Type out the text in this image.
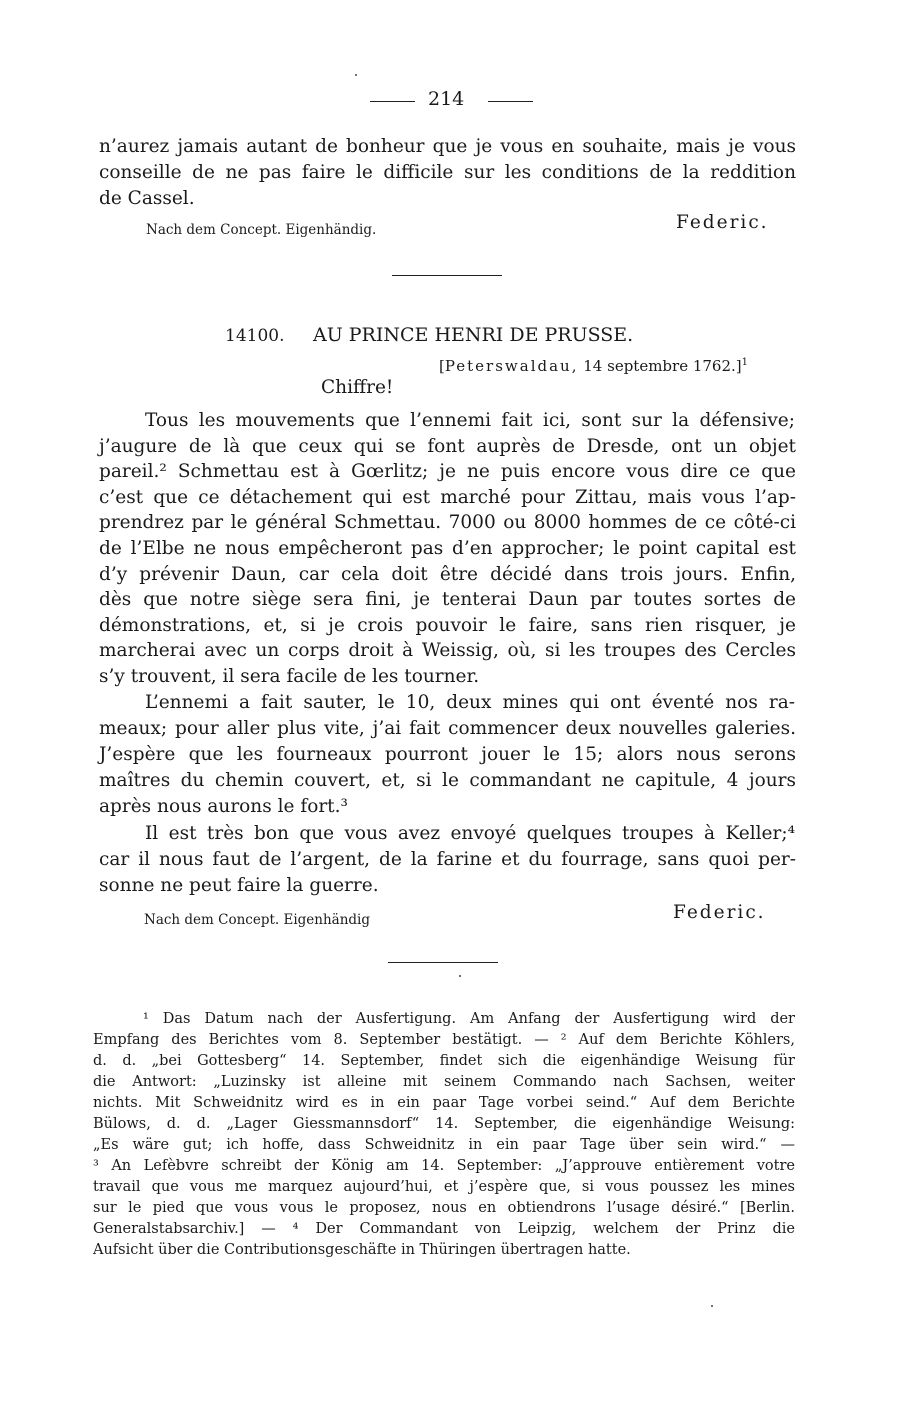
214
n’aurez jamais autant de bonheur que je vous en souhaite, mais je vous
conseille de ne pas faire le difficile sur les conditions de la reddition
de Cassel.
Nach dem Concept. Eigenhändig.	Federic.
14100. AU PRINCE HENRI DE PRUSSE.
[Peterswaldau, 14 septembre 1762.]$^1$
Chiffre!
Tous les mouvements que l’ennemi fait ici, sont sur la défensive;
j’augure de là que ceux qui se font auprès de Dresde, ont un objet
pareil.² Schmettau est à Gœrlitz; je ne puis encore vous dire ce que
c’est que ce détachement qui est marché pour Zittau, mais vous l’ap-
prendrez par le général Schmettau. 7000 ou 8000 hommes de ce côté-ci
de l’Elbe ne nous empêcheront pas d’en approcher; le point capital est
d’y prévenir Daun, car cela doit être décidé dans trois jours. Enfin,
dès que notre siège sera fini, je tenterai Daun par toutes sortes de
démonstrations, et, si je crois pouvoir le faire, sans rien risquer, je
marcherai avec un corps droit à Weissig, où, si les troupes des Cercles
s’y trouvent, il sera facile de les tourner.
L’ennemi a fait sauter, le 10, deux mines qui ont éventé nos ra-
meaux; pour aller plus vite, j’ai fait commencer deux nouvelles galeries.
J’espère que les fourneaux pourront jouer le 15; alors nous serons
maîtres du chemin couvert, et, si le commandant ne capitule, 4 jours
après nous aurons le fort.³
Il est très bon que vous avez envoyé quelques troupes à Keller;⁴
car il nous faut de l’argent, de la farine et du fourrage, sans quoi per-
sonne ne peut faire la guerre.
Nach dem Concept. Eigenhändig	Federic.
¹ Das Datum nach der Ausfertigung. Am Anfang der Ausfertigung wird der
Empfang des Berichtes vom 8. September bestätigt. — ² Auf dem Berichte Köhlers,
d. d. „bei Gottesberg“ 14. September, findet sich die eigenhändige Weisung für
die Antwort: „Luzinsky ist alleine mit seinem Commando nach Sachsen, weiter
nichts. Mit Schweidnitz wird es in ein paar Tage vorbei seind.“ Auf dem Berichte
Bülows, d. d. „Lager Giessmannsdorf“ 14. September, die eigenhändige Weisung:
„Es wäre gut; ich hoffe, dass Schweidnitz in ein paar Tage über sein wird.“ —
³ An Lefèbvre schreibt der König am 14. September: „J’approuve entièrement votre
travail que vous me marquez aujourd’hui, et j’espère que, si vous poussez les mines
sur le pied que vous vous le proposez, nous en obtiendrons l’usage désiré.“ [Berlin.
Generalstabsarchiv.] — ⁴ Der Commandant von Leipzig, welchem der Prinz die
Aufsicht über die Contributionsgeschäfte in Thüringen übertragen hatte.
